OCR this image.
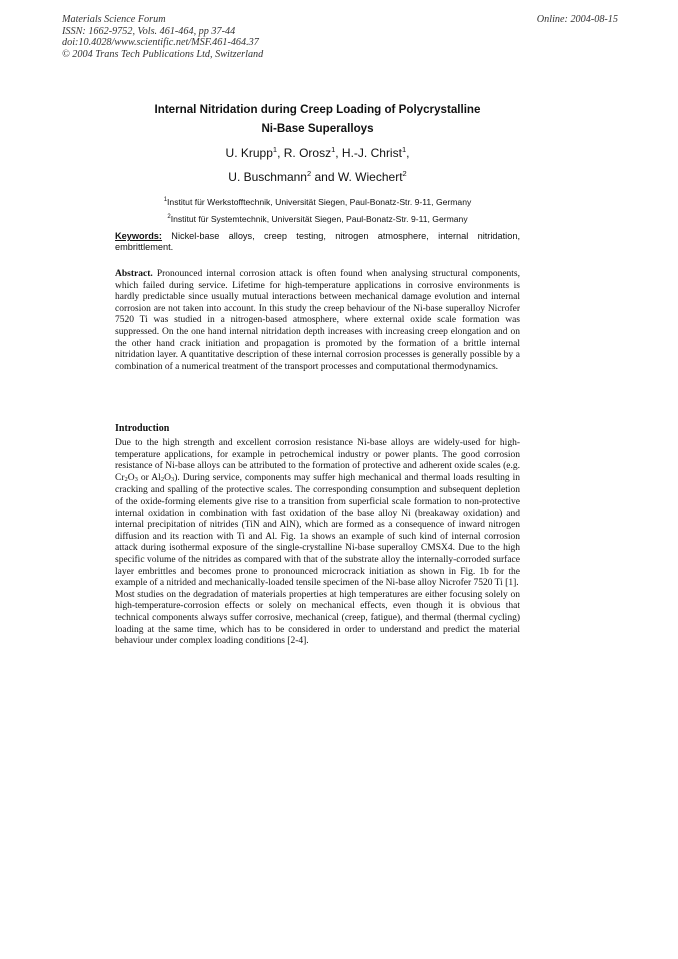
Materials Science Forum
ISSN: 1662-9752, Vols. 461-464, pp 37-44
doi:10.4028/www.scientific.net/MSF.461-464.37
© 2004 Trans Tech Publications Ltd, Switzerland
Online: 2004-08-15
Internal Nitridation during Creep Loading of Polycrystalline
Ni-Base Superalloys
U. Krupp$^1$, R. Orosz$^1$, H.-J. Christ$^1$,
U. Buschmann$^2$ and W. Wiechert$^2$
$^1$Institut für Werkstofftechnik, Universität Siegen, Paul-Bonatz-Str. 9-11, Germany
$^2$Institut für Systemtechnik, Universität Siegen, Paul-Bonatz-Str. 9-11, Germany
Keywords: Nickel-base alloys, creep testing, nitrogen atmosphere, internal nitridation, embrittlement.
Abstract. Pronounced internal corrosion attack is often found when analysing structural components, which failed during service. Lifetime for high-temperature applications in corrosive environments is hardly predictable since usually mutual interactions between mechanical damage evolution and internal corrosion are not taken into account. In this study the creep behaviour of the Ni-base superalloy Nicrofer 7520 Ti was studied in a nitrogen-based atmosphere, where external oxide scale formation was suppressed. On the one hand internal nitridation depth increases with increasing creep elongation and on the other hand crack initiation and propagation is promoted by the formation of a brittle internal nitridation layer. A quantitative description of these internal corrosion processes is generally possible by a combination of a numerical treatment of the transport processes and computational thermodynamics.
Introduction

Due to the high strength and excellent corrosion resistance Ni-base alloys are widely-used for high-temperature applications, for example in petrochemical industry or power plants. The good corrosion resistance of Ni-base alloys can be attributed to the formation of protective and adherent oxide scales (e.g. Cr2O3 or Al2O3). During service, components may suffer high mechanical and thermal loads resulting in cracking and spalling of the protective scales. The corresponding consumption and subsequent depletion of the oxide-forming elements give rise to a transition from superficial scale formation to non-protective internal oxidation in combination with fast oxidation of the base alloy Ni (breakaway oxidation) and internal precipitation of nitrides (TiN and AlN), which are formed as a consequence of inward nitrogen diffusion and its reaction with Ti and Al. Fig. 1a shows an example of such kind of internal corrosion attack during isothermal exposure of the single-crystalline Ni-base superalloy CMSX4. Due to the high specific volume of the nitrides as compared with that of the substrate alloy the internally-corroded surface layer embrittles and becomes prone to pronounced microcrack initiation as shown in Fig. 1b for the example of a nitrided and mechanically-loaded tensile specimen of the Ni-base alloy Nicrofer 7520 Ti [1].

Most studies on the degradation of materials properties at high temperatures are either focusing solely on high-temperature-corrosion effects or solely on mechanical effects, even though it is obvious that technical components always suffer corrosive, mechanical (creep, fatigue), and thermal (thermal cycling) loading at the same time, which has to be considered in order to understand and predict the material behaviour under complex loading conditions [2-4].
